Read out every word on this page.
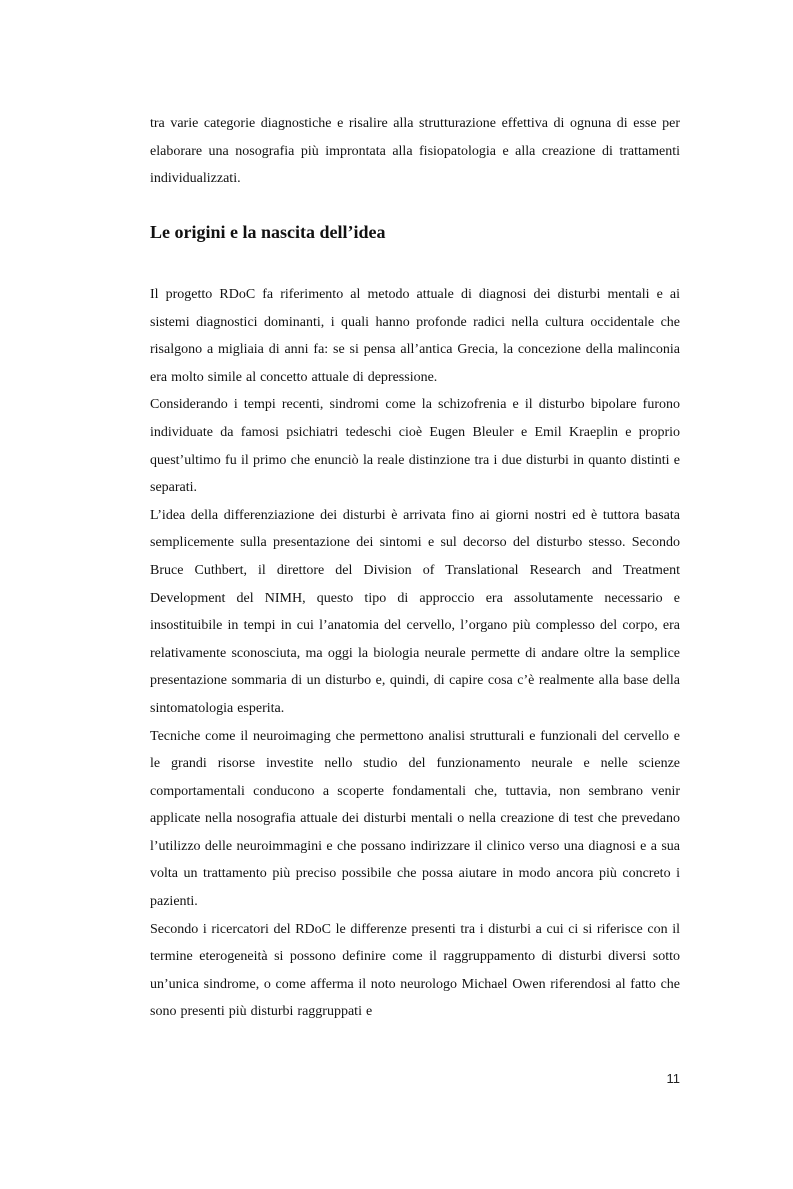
tra varie categorie diagnostiche e risalire alla strutturazione effettiva di ognuna di esse per elaborare una nosografia più improntata alla fisiopatologia e alla creazione di trattamenti individualizzati.

Le origini e la nascita dell’idea

Il progetto RDoC fa riferimento al metodo attuale di diagnosi dei disturbi mentali e ai sistemi diagnostici dominanti, i quali hanno profonde radici nella cultura occidentale che risalgono a migliaia di anni fa: se si pensa all’antica Grecia, la concezione della malinconia era molto simile al concetto attuale di depressione.

Considerando i tempi recenti, sindromi come la schizofrenia e il disturbo bipolare furono individuate da famosi psichiatri tedeschi cioè Eugen Bleuler e Emil Kraeplin e proprio quest’ultimo fu il primo che enunciò la reale distinzione tra i due disturbi in quanto distinti e separati.

L’idea della differenziazione dei disturbi è arrivata fino ai giorni nostri ed è tuttora basata semplicemente sulla presentazione dei sintomi e sul decorso del disturbo stesso. Secondo Bruce Cuthbert, il direttore del Division of Translational Research and Treatment Development del NIMH, questo tipo di approccio era assolutamente necessario e insostituibile in tempi in cui l’anatomia del cervello, l’organo più complesso del corpo, era relativamente sconosciuta, ma oggi la biologia neurale permette di andare oltre la semplice presentazione sommaria di un disturbo e, quindi, di capire cosa c’è realmente alla base della sintomatologia esperita.

Tecniche come il neuroimaging che permettono analisi strutturali e funzionali del cervello e le grandi risorse investite nello studio del funzionamento neurale e nelle scienze comportamentali conducono a scoperte fondamentali che, tuttavia, non sembrano venir applicate nella nosografia attuale dei disturbi mentali o nella creazione di test che prevedano l’utilizzo delle neuroimmagini e che possano indirizzare il clinico verso una diagnosi e a sua volta un trattamento più preciso possibile che possa aiutare in modo ancora più concreto i pazienti.

Secondo i ricercatori del RDoC le differenze presenti tra i disturbi a cui ci si riferisce con il termine eterogeneità si possono definire come il raggruppamento di disturbi diversi sotto un’unica sindrome, o come afferma il noto neurologo Michael Owen riferendosi al fatto che sono presenti più disturbi raggruppati e

11
